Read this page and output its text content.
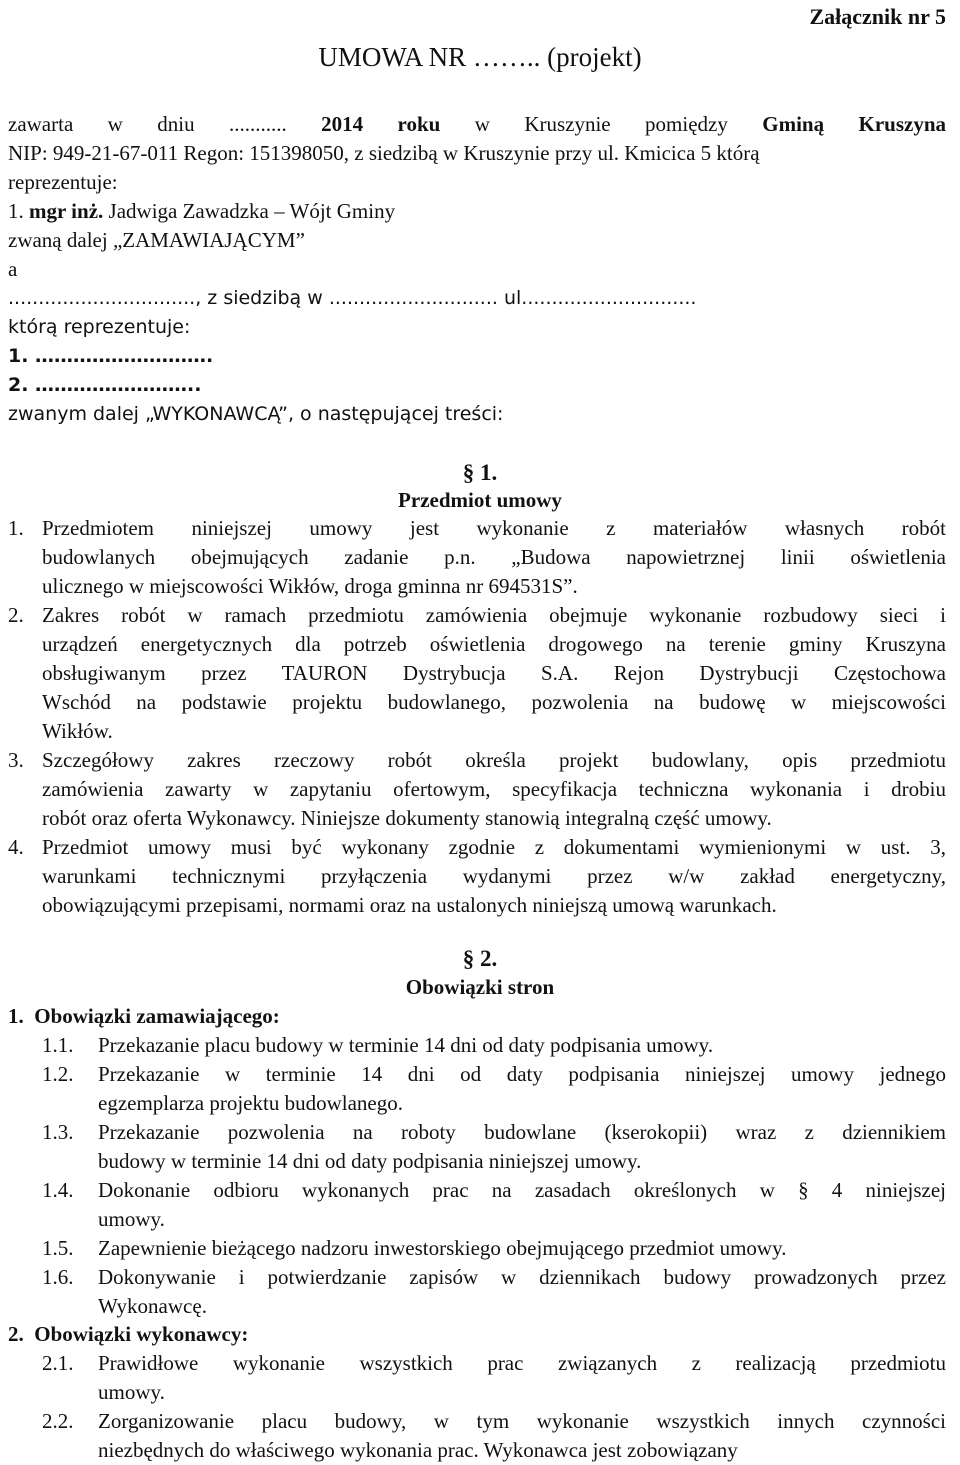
Załącznik nr 5
UMOWA NR …….. (projekt)
zawarta w dniu ........... 2014 roku w Kruszynie pomiędzy Gminą Kruszyna
NIP: 949-21-67-011 Regon: 151398050, z siedzibą w Kruszynie przy ul. Kmicica 5 którą
reprezentuje:
1. mgr inż. Jadwiga Zawadzka – Wójt Gminy
zwaną dalej „ZAMAWIAJĄCYM”
a
..............................., z siedzibą w ............................ ul.............................
którą reprezentuje:
1. ……………………….
2. ……………………..
zwanym dalej „WYKONAWCĄ”, o następującej treści:
§ 1.
Przedmiot umowy
1. Przedmiotem niniejszej umowy jest wykonanie z materiałów własnych robót
budowlanych obejmujących zadanie p.n. „Budowa napowietrznej linii oświetlenia
ulicznego w miejscowości Wikłów, droga gminna nr 694531S”.
2. Zakres robót w ramach przedmiotu zamówienia obejmuje wykonanie rozbudowy sieci i
urządzeń energetycznych dla potrzeb oświetlenia drogowego na terenie gminy Kruszyna
obsługiwanym przez TAURON Dystrybucja S.A. Rejon Dystrybucji Częstochowa
Wschód na podstawie projektu budowlanego, pozwolenia na budowę w miejscowości
Wikłów.
3. Szczegółowy zakres rzeczowy robót określa projekt budowlany, opis przedmiotu
zamówienia zawarty w zapytaniu ofertowym, specyfikacja techniczna wykonania i drobiu
robót oraz oferta Wykonawcy. Niniejsze dokumenty stanowią integralną część umowy.
4. Przedmiot umowy musi być wykonany zgodnie z dokumentami wymienionymi w ust. 3,
warunkami technicznymi przyłączenia wydanymi przez w/w zakład energetyczny,
obowiązującymi przepisami, normami oraz na ustalonych niniejszą umową warunkach.
§ 2.
Obowiązki stron
1. Obowiązki zamawiającego:
1.1. Przekazanie placu budowy w terminie 14 dni od daty podpisania umowy.
1.2. Przekazanie w terminie 14 dni od daty podpisania niniejszej umowy jednego
egzemplarza projektu budowlanego.
1.3. Przekazanie pozwolenia na roboty budowlane (kserokopii) wraz z dziennikiem
budowy w terminie 14 dni od daty podpisania niniejszej umowy.
1.4. Dokonanie odbioru wykonanych prac na zasadach określonych w § 4 niniejszej
umowy.
1.5. Zapewnienie bieżącego nadzoru inwestorskiego obejmującego przedmiot umowy.
1.6. Dokonywanie i potwierdzanie zapisów w dziennikach budowy prowadzonych przez
Wykonawcę.
2. Obowiązki wykonawcy:
2.1. Prawidłowe wykonanie wszystkich prac związanych z realizacją przedmiotu
umowy.
2.2. Zorganizowanie placu budowy, w tym wykonanie wszystkich innych czynności
niezbędnych do właściwego wykonania prac. Wykonawca jest zobowiązany
